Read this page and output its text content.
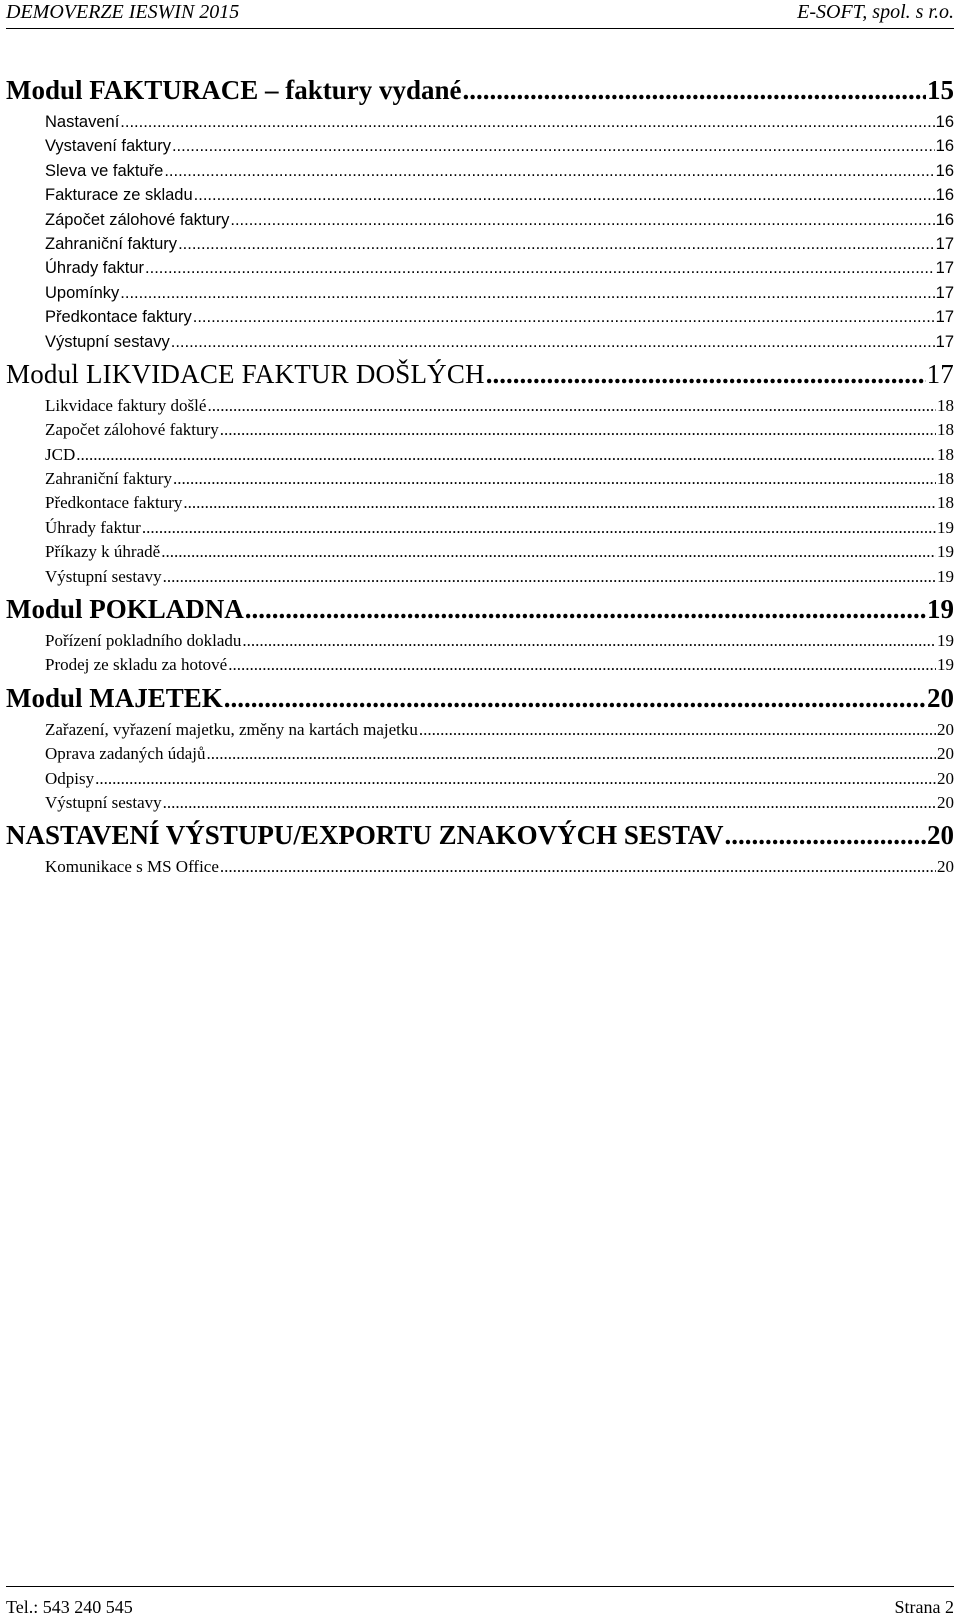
DEMOVERZE IESWIN 2015	E-SOFT, spol. s r.o.
Modul FAKTURACE – faktury vydané .....	15
Nastavení .....	16
Vystavení faktury .....	16
Sleva ve faktuře .....	16
Fakturace ze skladu .....	16
Zápočet zálohové faktury .....	16
Zahraniční faktury .....	17
Úhrady faktur .....	17
Upomínky .....	17
Předkontace faktury .....	17
Výstupní sestavy .....	17
Modul LIKVIDACE FAKTUR DOŠLÝCH .....	17
Likvidace faktury došlé .....	18
Započet zálohové faktury .....	18
JCD .....	18
Zahraniční faktury .....	18
Předkontace faktury .....	18
Úhrady faktur .....	19
Příkazy k úhradě .....	19
Výstupní sestavy .....	19
Modul POKLADNA .....	19
Pořízení pokladního dokladu .....	19
Prodej ze skladu za hotové .....	19
Modul MAJETEK .....	20
Zařazení, vyřazení majetku, změny na kartách majetku .....	20
Oprava zadaných údajů .....	20
Odpisy .....	20
Výstupní sestavy .....	20
NASTAVENÍ VÝSTUPU/EXPORTU ZNAKOVÝCH SESTAV .....	20
Komunikace s MS Office .....	20
Tel.: 543 240 545	Strana 2
